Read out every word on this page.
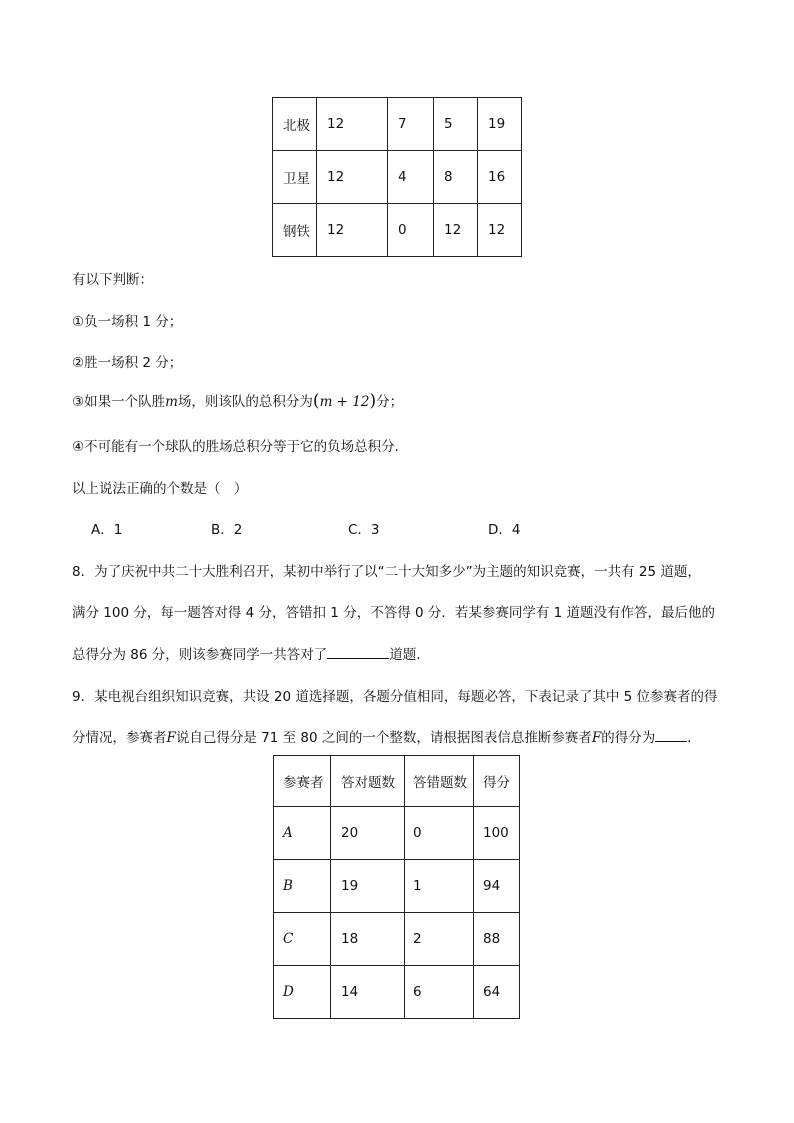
北极	12	7	5	19
卫星	12	4	8	16
钢铁	12	0	12	12
有以下判断：
①负一场积 1 分；
②胜一场积 2 分；
③如果一个队胜m场，则该队的总积分为(m + 12)分；
④不可能有一个球队的胜场总积分等于它的负场总积分．
以上说法正确的个数是（　）
A．1	B．2	C．3	D．4
8．为了庆祝中共二十大胜利召开，某初中举行了以“二十大知多少”为主题的知识竞赛，一共有 25 道题，
满分 100 分，每一题答对得 4 分，答错扣 1 分，不答得 0 分．若某参赛同学有 1 道题没有作答，最后他的
总得分为 86 分，则该参赛同学一共答对了	道题．
9．某电视台组织知识竞赛，共设 20 道选择题，各题分值相同，每题必答，下表记录了其中 5 位参赛者的得
分情况，参赛者F说自己得分是 71 至 80 之间的一个整数，请根据图表信息推断参赛者F的得分为 ．
参赛者	答对题数	答错题数	得分
A	20	0	100
B	19	1	94
C	18	2	88
D	14	6	64
